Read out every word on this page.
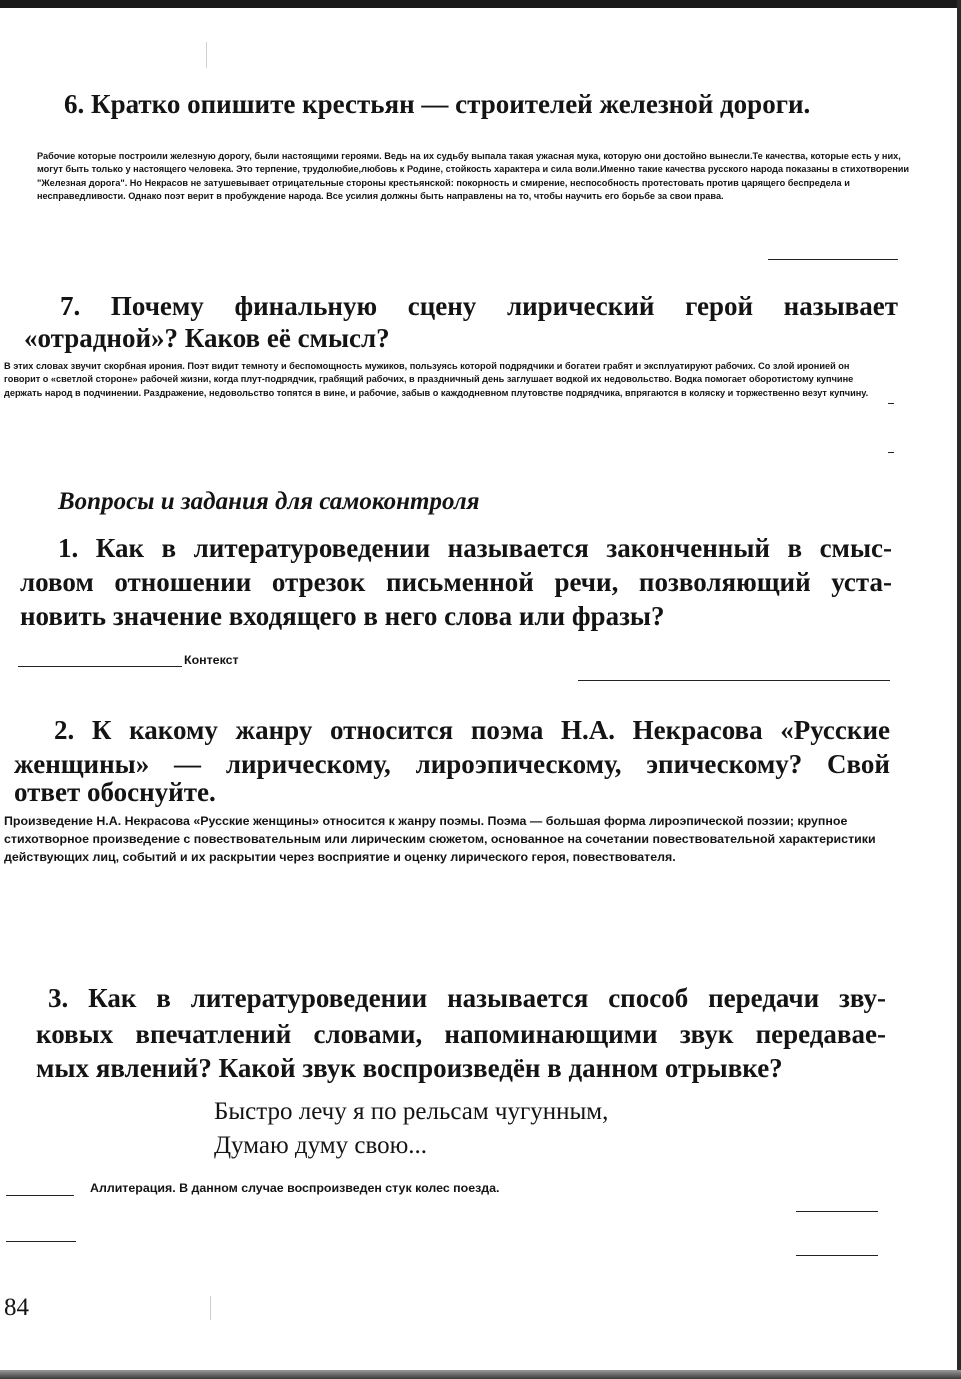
6. Кратко опишите крестьян — строителей железной дороги.

Рабочие которые построили железную дорогу, были настоящими героями. Ведь на их судьбу выпала такая ужасная мука, которую они достойно вынесли.Те качества, которые есть у них, могут быть только у настоящего человека. Это терпение, трудолюбие,любовь к Родине, стойкость характера и сила воли.Именно такие качества русского народа показаны в стихотворении "Железная дорога". Но Некрасов не затушевывает отрицательные стороны крестьянской: покорность и смирение, неспособность протестовать против царящего беспредела и несправедливости. Однако поэт верит в пробуждение народа. Все усилия должны быть направлены на то, чтобы научить его борьбе за свои права.

7. Почему финальную сцену лирический герой называет
«отрадной»? Каков её смысл?

В этих словах звучит скорбная ирония. Поэт видит темноту и беспомощность мужиков, пользуясь которой подрядчики и богатеи грабят и эксплуатируют рабочих. Со злой иронией он говорит о «светлой стороне» рабочей жизни, когда плут-подрядчик, грабящий рабочих, в праздничный день заглушает водкой их недовольство. Водка помогает оборотистому купчине держать народ в подчинении. Раздражение, недовольство топятся в вине, и рабочие, забыв о каждодневном плутовстве подрядчика, впрягаются в коляску и торжественно везут купчину.

Вопросы и задания для самоконтроля
1. Как в литературоведении называется законченный в смыс-
ловом отношении отрезок письменной речи, позволяющий уста-
новить значение входящего в него слова или фразы?
Контекст
2. К какому жанру относится поэма Н.А. Некрасова «Русские
женщины» — лирическому, лироэпическому, эпическому? Свой
ответ обоснуйте.

Произведение Н.А. Некрасова «Русские женщины» относится к жанру поэмы. Поэма — большая форма лироэпической поэзии; крупное стихотворное произведение с повествовательным или лирическим сюжетом, основанное на сочетании повествовательной характеристики действующих лиц, событий и их раскрытии через восприятие и оценку лирического героя, повествователя.

3. Как в литературоведении называется способ передачи зву-
ковых впечатлений словами, напоминающими звук передавае-
мых явлений? Какой звук воспроизведён в данном отрывке?

Быстро лечу я по рельсам чугунным,

Думаю думу свою...

Аллитерация. В данном случае воспроизведен стук колес поезда.
84
